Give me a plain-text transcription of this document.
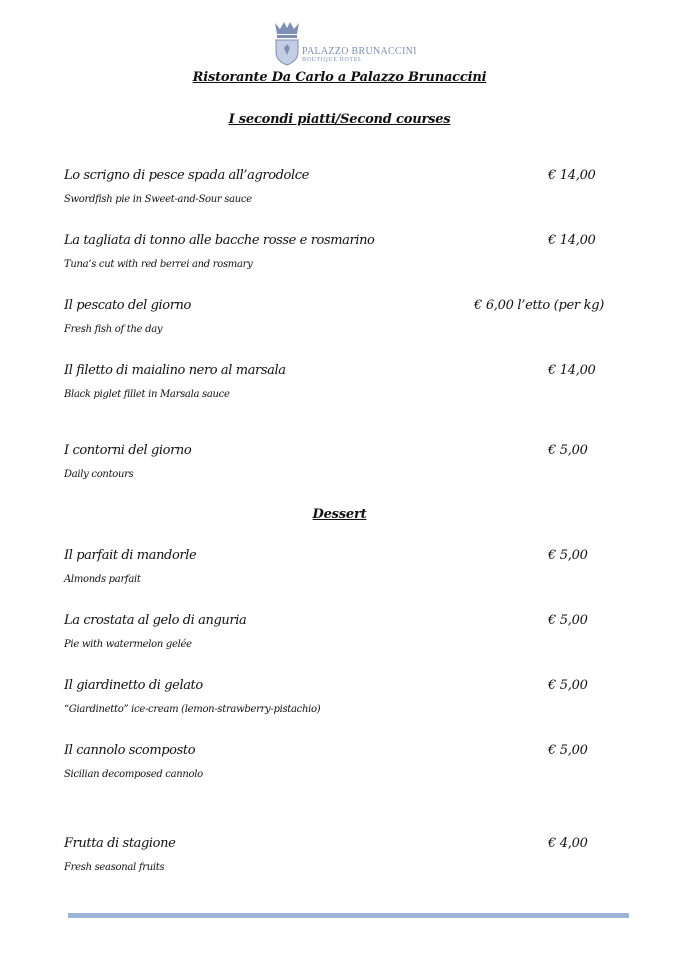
PALAZZO BRUNACCINI
BOUTIQUE HOTEL
Ristorante Da Carlo a Palazzo Brunaccini
I secondi piatti/Second courses
Lo scrigno di pesce spada all’agrodolce	€ 14,00
Swordfish pie in Sweet-and-Sour sauce
La tagliata di tonno alle bacche rosse e rosmarino	€ 14,00
Tuna’s cut with red berrei and rosmary
Il pescato del giorno	€ 6,00 l’etto (per kg)
Fresh fish of the day
Il filetto di maialino nero al marsala	€ 14,00
Black piglet fillet in Marsala sauce
I contorni del giorno	€ 5,00
Daily contours
Dessert
Il parfait di mandorle	€ 5,00
Almonds parfait
La crostata al gelo di anguria	€ 5,00
Pie with watermelon gelée
Il giardinetto di gelato	€ 5,00
“Giardinetto” ice-cream (lemon-strawberry-pistachio)
Il cannolo scomposto	€ 5,00
Sicilian decomposed cannolo
Frutta di stagione	€ 4,00
Fresh seasonal fruits
